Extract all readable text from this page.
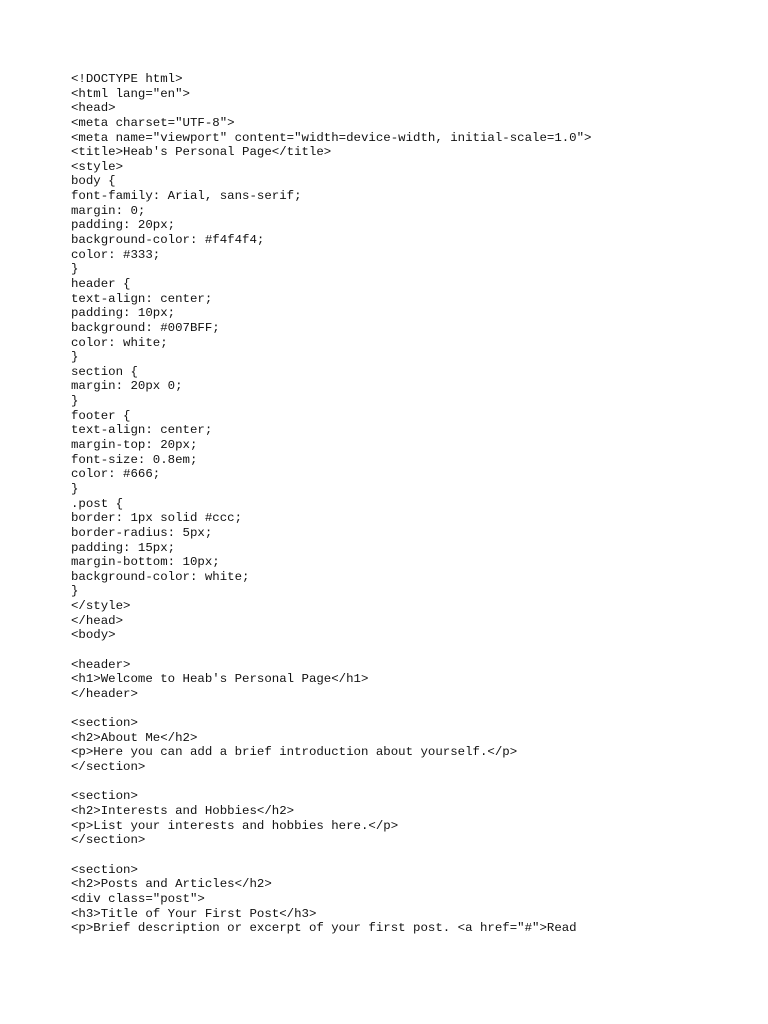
<!DOCTYPE html>
<html lang="en">
<head>
<meta charset="UTF-8">
<meta name="viewport" content="width=device-width, initial-scale=1.0">
<title>Heab's Personal Page</title>
<style>
body {
font-family: Arial, sans-serif;
margin: 0;
padding: 20px;
background-color: #f4f4f4;
color: #333;
}
header {
text-align: center;
padding: 10px;
background: #007BFF;
color: white;
}
section {
margin: 20px 0;
}
footer {
text-align: center;
margin-top: 20px;
font-size: 0.8em;
color: #666;
}
.post {
border: 1px solid #ccc;
border-radius: 5px;
padding: 15px;
margin-bottom: 10px;
background-color: white;
}
</style>
</head>
<body>
<header>
<h1>Welcome to Heab's Personal Page</h1>
</header>
<section>
<h2>About Me</h2>
<p>Here you can add a brief introduction about yourself.</p>
</section>
<section>
<h2>Interests and Hobbies</h2>
<p>List your interests and hobbies here.</p>
</section>
<section>
<h2>Posts and Articles</h2>
<div class="post">
<h3>Title of Your First Post</h3>
<p>Brief description or excerpt of your first post. <a href="#">Read
